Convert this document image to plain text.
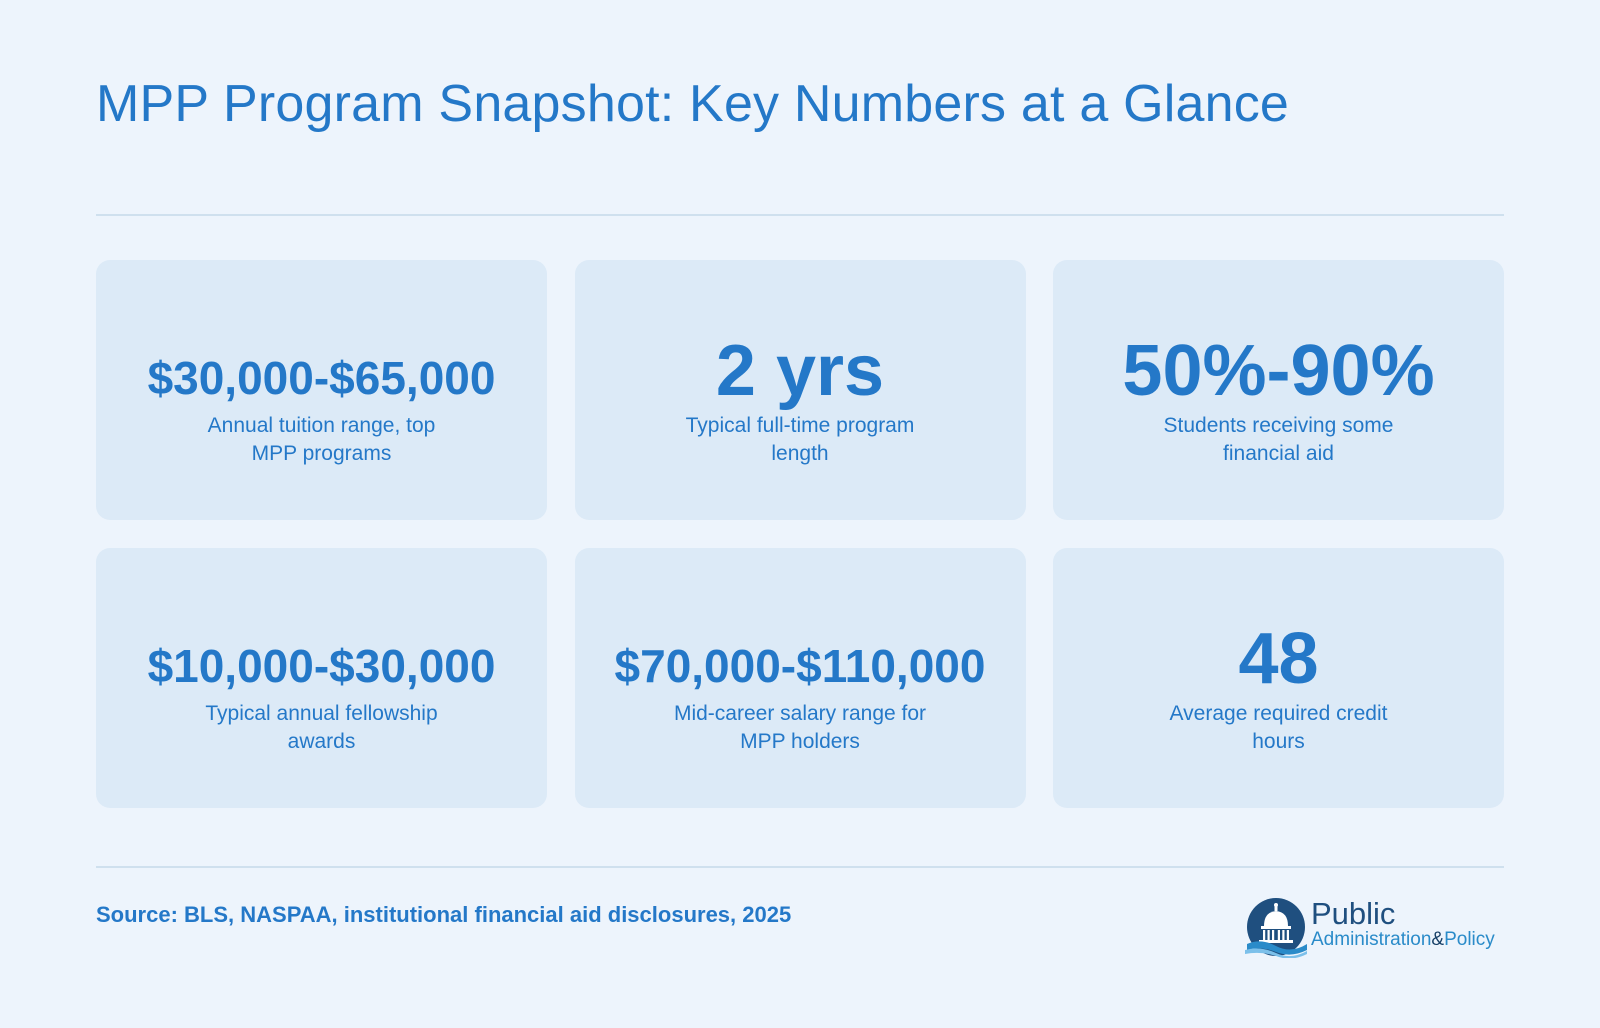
MPP Program Snapshot: Key Numbers at a Glance
$30,000-$65,000
Annual tuition range, top MPP programs
2 yrs
Typical full-time program length
50%-90%
Students receiving some financial aid
$10,000-$30,000
Typical annual fellowship awards
$70,000-$110,000
Mid-career salary range for MPP holders
48
Average required credit hours

Source: BLS, NASPAA, institutional financial aid disclosures, 2025	Public
Administration&Policy
